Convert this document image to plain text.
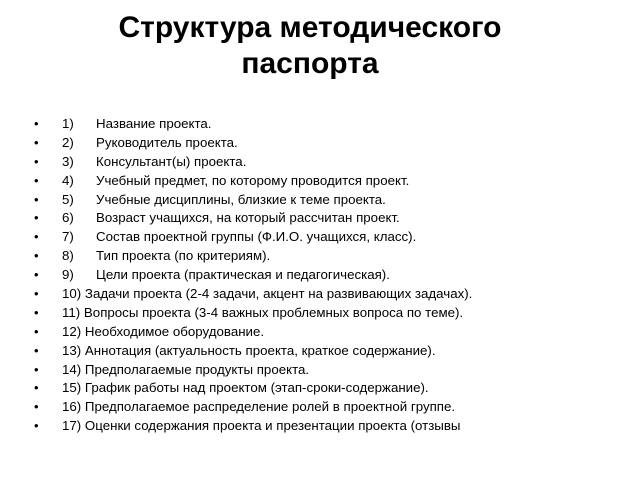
Структура методического
паспорта
• 1) Название проекта.
• 2) Руководитель проекта.
• 3) Консультант(ы) проекта.
• 4) Учебный предмет, по которому проводится проект.
• 5) Учебные дисциплины, близкие к теме проекта.
• 6) Возраст учащихся, на который рассчитан проект.
• 7) Состав проектной группы (Ф.И.О. учащихся, класс).
• 8) Тип проекта (по критериям).
• 9) Цели проекта (практическая и педагогическая).
• 10) Задачи проекта (2-4 задачи, акцент на развивающих задачах).
• 11) Вопросы проекта (3-4 важных проблемных вопроса по теме).
• 12) Необходимое оборудование.
• 13) Аннотация (актуальность проекта, краткое содержание).
• 14) Предполагаемые продукты проекта.
• 15) График работы над проектом (этап-сроки-содержание).
• 16) Предполагаемое распределение ролей в проектной группе.
• 17) Оценки содержания проекта и презентации проекта (отзывы
